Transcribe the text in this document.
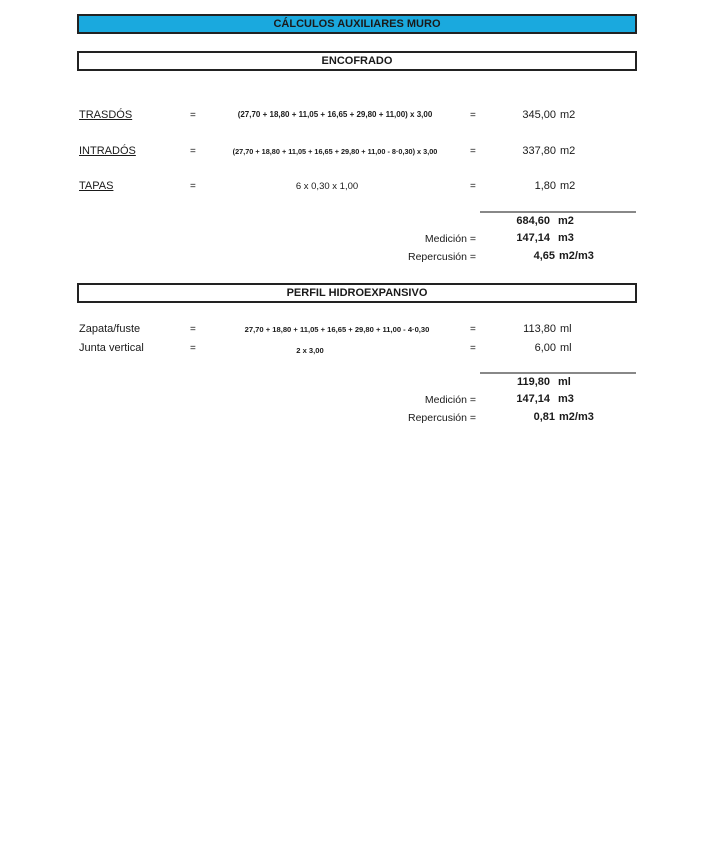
CÁLCULOS AUXILIARES MURO
ENCOFRADO
TRASDÓS	=	(27,70 + 18,80 + 11,05 + 16,65 + 29,80 + 11,00) x 3,00	=	345,00 m2
INTRADÓS	=	(27,70 + 18,80 + 11,05 + 16,65 + 29,80 + 11,00 - 8·0,30) x 3,00	=	337,80 m2
TAPAS	=	6 x 0,30 x 1,00	=	1,80 m2
684,60 m2
Medición =	147,14 m3
Repercusión =	4,65 m2/m3
PERFIL HIDROEXPANSIVO
Zapata/fuste	=	27,70 + 18,80 + 11,05 + 16,65 + 29,80 + 11,00 - 4·0,30	=	113,80 ml
Junta vertical	=	2 x 3,00	=	6,00 ml
119,80 ml
Medición =	147,14 m3
Repercusión =	0,81 m2/m3
